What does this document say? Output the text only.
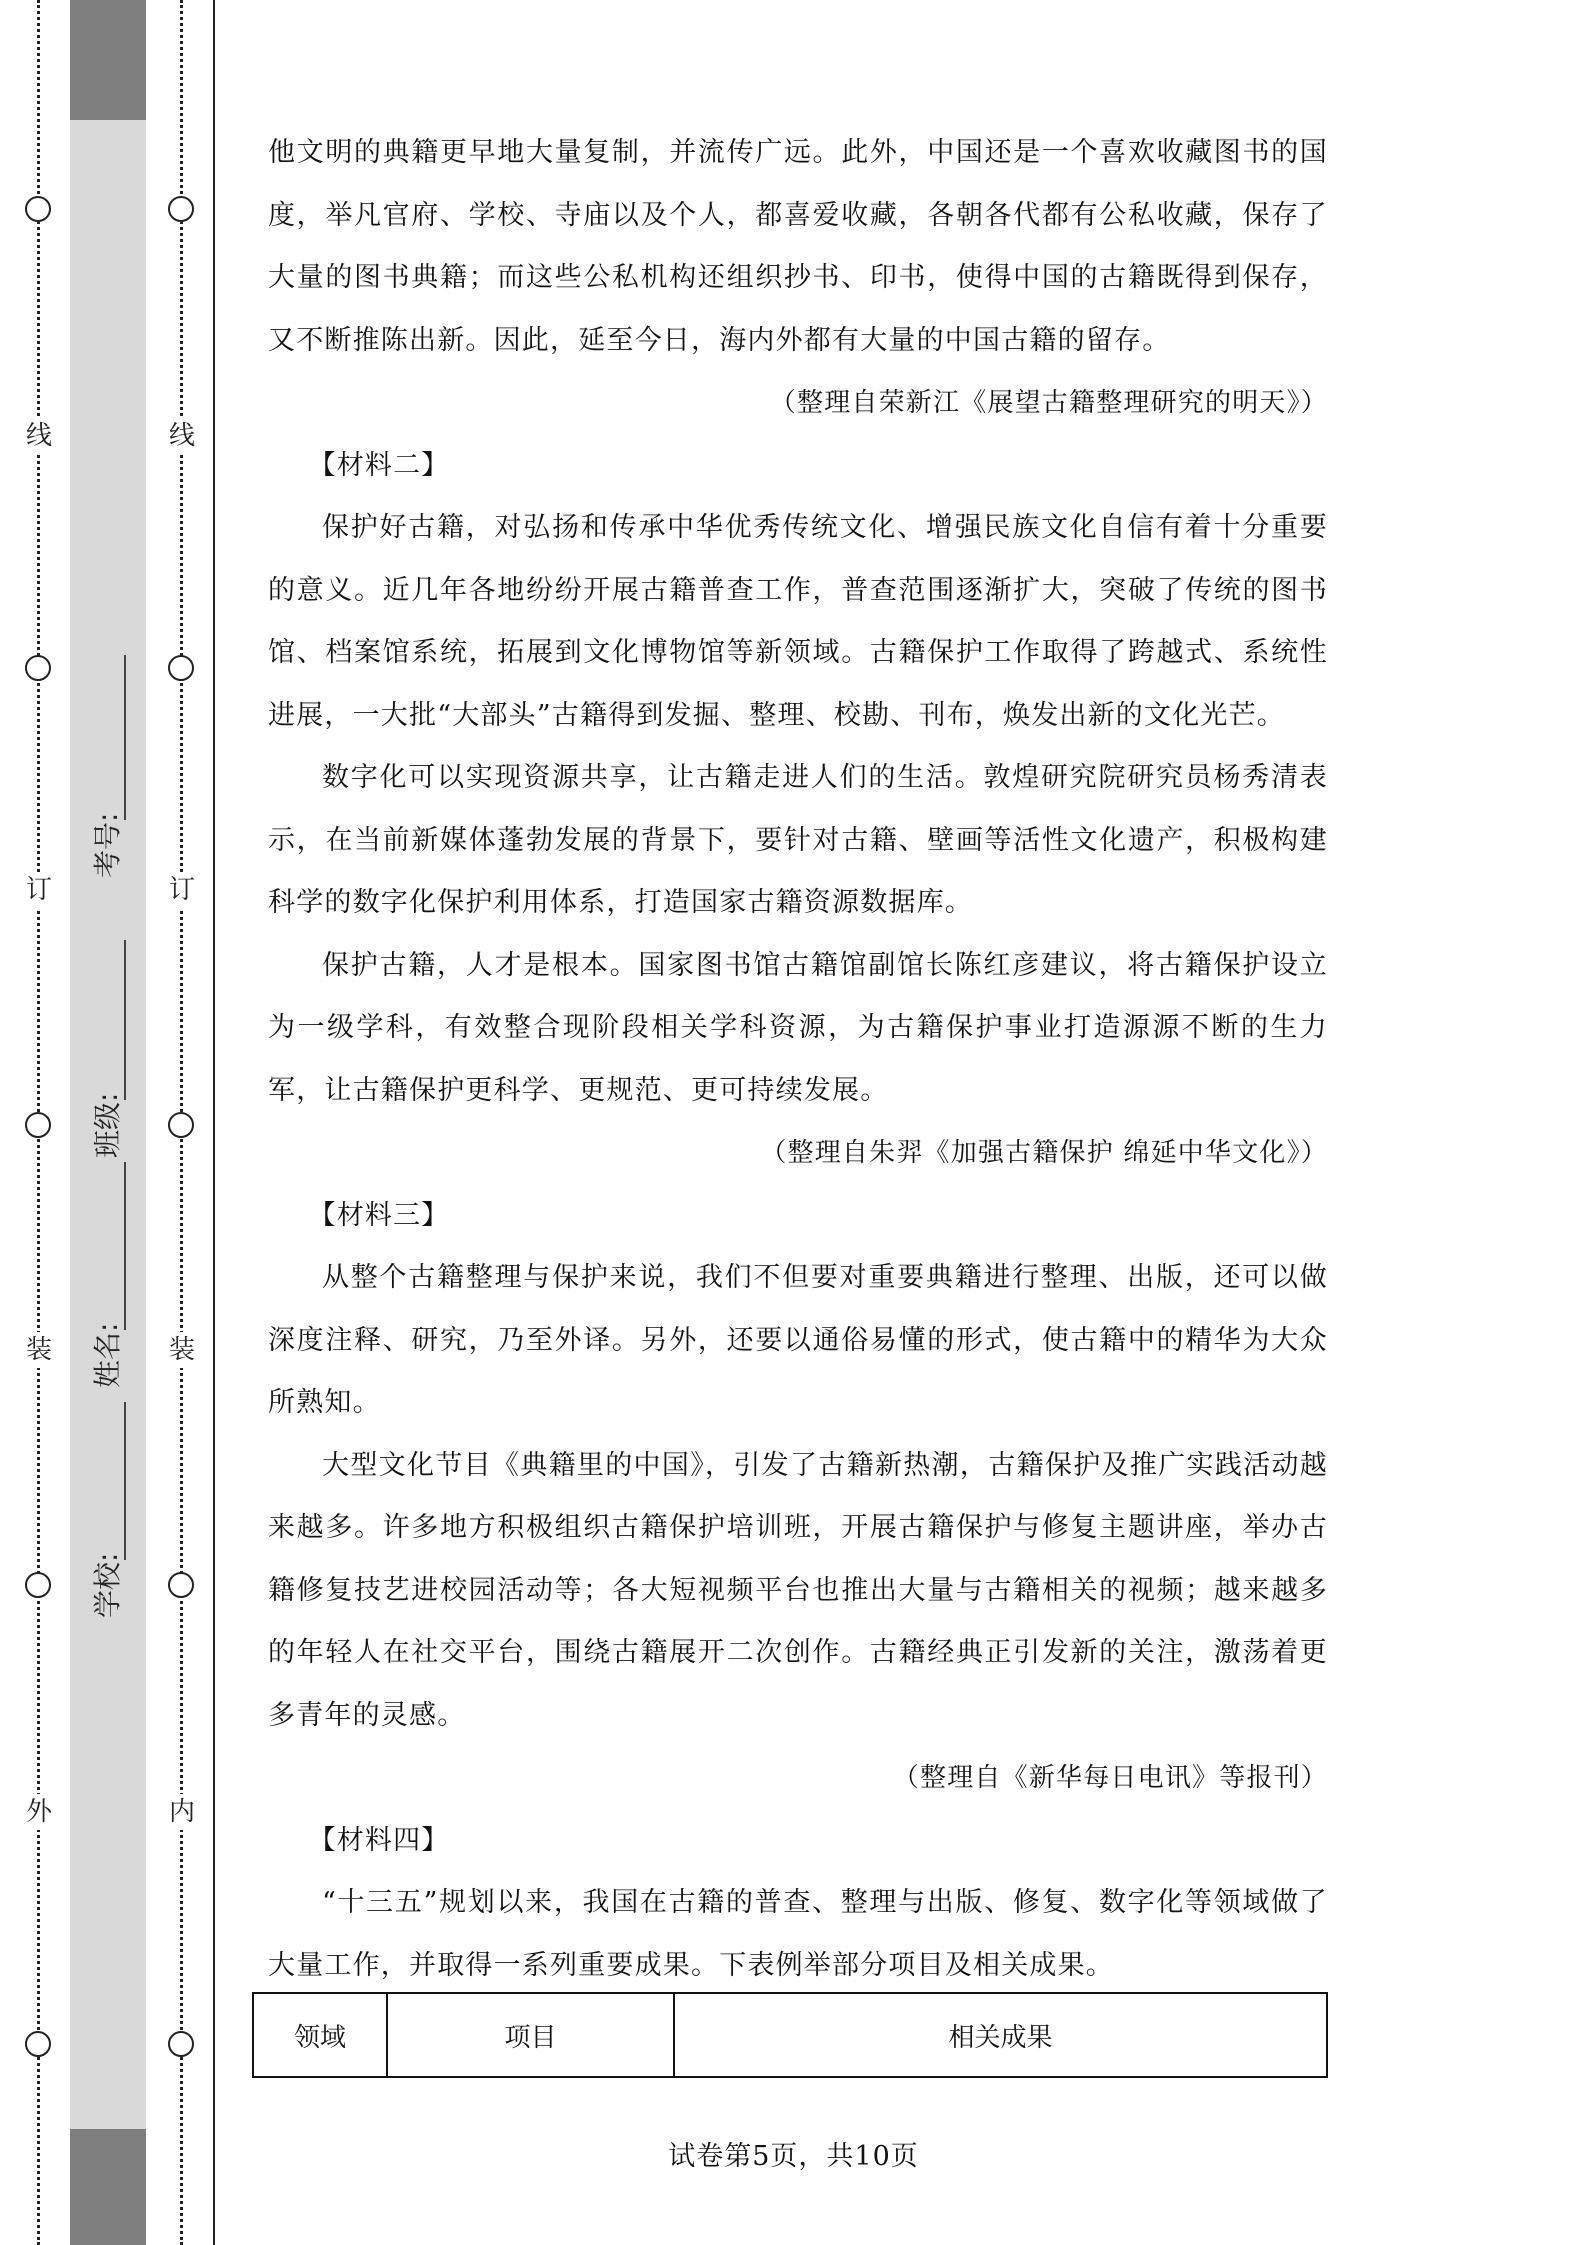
线
订
装
外
考号:
班级:
姓名:
学校:
线
订
装
内

他文明的典籍更早地大量复制，并流传广远。此外，中国还是一个喜欢收藏图书的国度，举凡官府、学校、寺庙以及个人，都喜爱收藏，各朝各代都有公私收藏，保存了大量的图书典籍；而这些公私机构还组织抄书、印书，使得中国的古籍既得到保存，又不断推陈出新。因此，延至今日，海内外都有大量的中国古籍的留存。

（整理自荣新江《展望古籍整理研究的明天》）

【材料二】

保护好古籍，对弘扬和传承中华优秀传统文化、增强民族文化自信有着十分重要的意义。近几年各地纷纷开展古籍普查工作，普查范围逐渐扩大，突破了传统的图书馆、档案馆系统，拓展到文化博物馆等新领域。古籍保护工作取得了跨越式、系统性进展，一大批“大部头”古籍得到发掘、整理、校勘、刊布，焕发出新的文化光芒。

数字化可以实现资源共享，让古籍走进人们的生活。敦煌研究院研究员杨秀清表示，在当前新媒体蓬勃发展的背景下，要针对古籍、壁画等活性文化遗产，积极构建科学的数字化保护利用体系，打造国家古籍资源数据库。

保护古籍，人才是根本。国家图书馆古籍馆副馆长陈红彦建议，将古籍保护设立为一级学科，有效整合现阶段相关学科资源，为古籍保护事业打造源源不断的生力军，让古籍保护更科学、更规范、更可持续发展。

（整理自朱羿《加强古籍保护 绵延中华文化》）

【材料三】

从整个古籍整理与保护来说，我们不但要对重要典籍进行整理、出版，还可以做深度注释、研究，乃至外译。另外，还要以通俗易懂的形式，使古籍中的精华为大众所熟知。

大型文化节目《典籍里的中国》，引发了古籍新热潮，古籍保护及推广实践活动越来越多。许多地方积极组织古籍保护培训班，开展古籍保护与修复主题讲座，举办古籍修复技艺进校园活动等；各大短视频平台也推出大量与古籍相关的视频；越来越多的年轻人在社交平台，围绕古籍展开二次创作。古籍经典正引发新的关注，激荡着更多青年的灵感。

（整理自《新华每日电讯》等报刊）

【材料四】

“十三五”规划以来，我国在古籍的普查、整理与出版、修复、数字化等领域做了大量工作，并取得一系列重要成果。下表例举部分项目及相关成果。

领域	项目	相关成果
试卷第5页，共10页
